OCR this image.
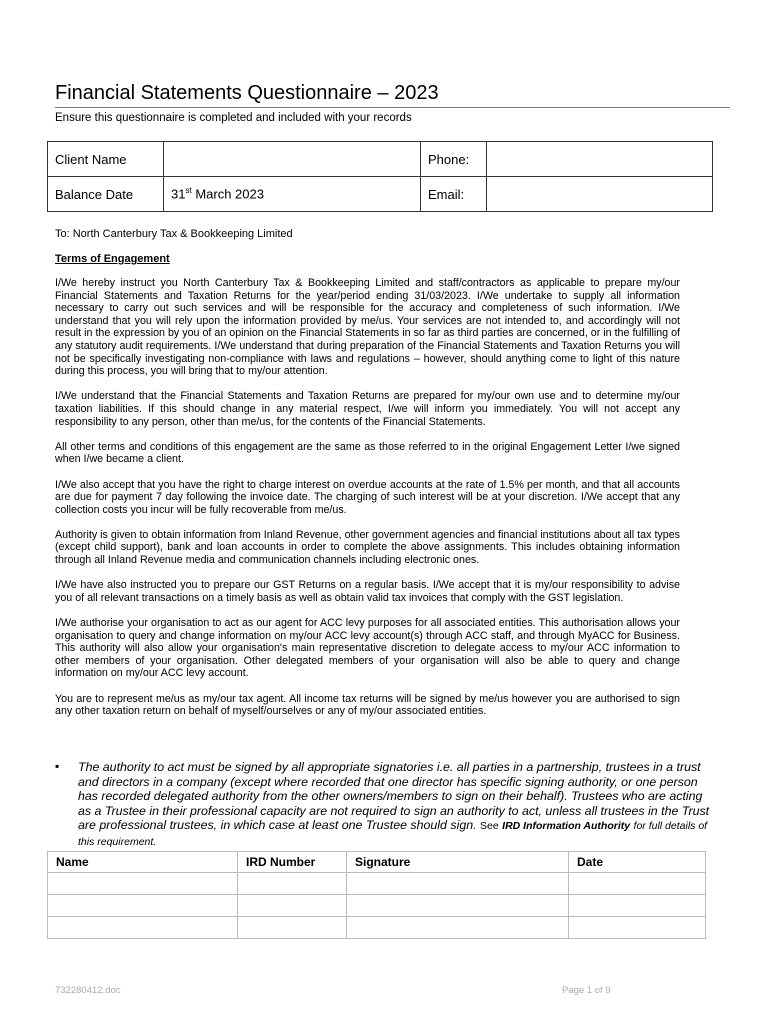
Financial Statements Questionnaire – 2023
Ensure this questionnaire is completed and included with your records
Client Name		Phone:	
Balance Date	31st March 2023	Email:	
To: North Canterbury Tax & Bookkeeping Limited
Terms of Engagement

I/We hereby instruct you North Canterbury Tax & Bookkeeping Limited and staff/contractors as applicable to prepare my/our Financial Statements and Taxation Returns for the year/period ending 31/03/2023. I/We undertake to supply all information necessary to carry out such services and will be responsible for the accuracy and completeness of such information. I/We understand that you will rely upon the information provided by me/us. Your services are not intended to, and accordingly will not result in the expression by you of an opinion on the Financial Statements in so far as third parties are concerned, or in the fulfilling of any statutory audit requirements. I/We understand that during preparation of the Financial Statements and Taxation Returns you will not be specifically investigating non-compliance with laws and regulations – however, should anything come to light of this nature during this process, you will bring that to my/our attention.

I/We understand that the Financial Statements and Taxation Returns are prepared for my/our own use and to determine my/our taxation liabilities. If this should change in any material respect, I/we will inform you immediately. You will not accept any responsibility to any person, other than me/us, for the contents of the Financial Statements.

All other terms and conditions of this engagement are the same as those referred to in the original Engagement Letter I/we signed when I/we became a client.

I/We also accept that you have the right to charge interest on overdue accounts at the rate of 1.5% per month, and that all accounts are due for payment 7 day following the invoice date. The charging of such interest will be at your discretion. I/We accept that any collection costs you incur will be fully recoverable from me/us.

Authority is given to obtain information from Inland Revenue, other government agencies and financial institutions about all tax types (except child support), bank and loan accounts in order to complete the above assignments. This includes obtaining information through all Inland Revenue media and communication channels including electronic ones.

I/We have also instructed you to prepare our GST Returns on a regular basis. I/We accept that it is my/our responsibility to advise you of all relevant transactions on a timely basis as well as obtain valid tax invoices that comply with the GST legislation.

I/We authorise your organisation to act as our agent for ACC levy purposes for all associated entities. This authorisation allows your organisation to query and change information on my/our ACC levy account(s) through ACC staff, and through MyACC for Business. This authority will also allow your organisation's main representative discretion to delegate access to my/our ACC information to other members of your organisation. Other delegated members of your organisation will also be able to query and change information on my/our ACC levy account.

You are to represent me/us as my/our tax agent. All income tax returns will be signed by me/us however you are authorised to sign any other taxation return on behalf of myself/ourselves or any of my/our associated entities.

▪ The authority to act must be signed by all appropriate signatories i.e. all parties in a partnership, trustees in a trust and directors in a company (except where recorded that one director has specific signing authority, or one person has recorded delegated authority from the other owners/members to sign on their behalf). Trustees who are acting as a Trustee in their professional capacity are not required to sign an authority to act, unless all trustees in the Trust are professional trustees, in which case at least one Trustee should sign. See IRD Information Authority for full details of this requirement.
Name	IRD Number	Signature	Date

732280412.doc	Page 1 of 9
